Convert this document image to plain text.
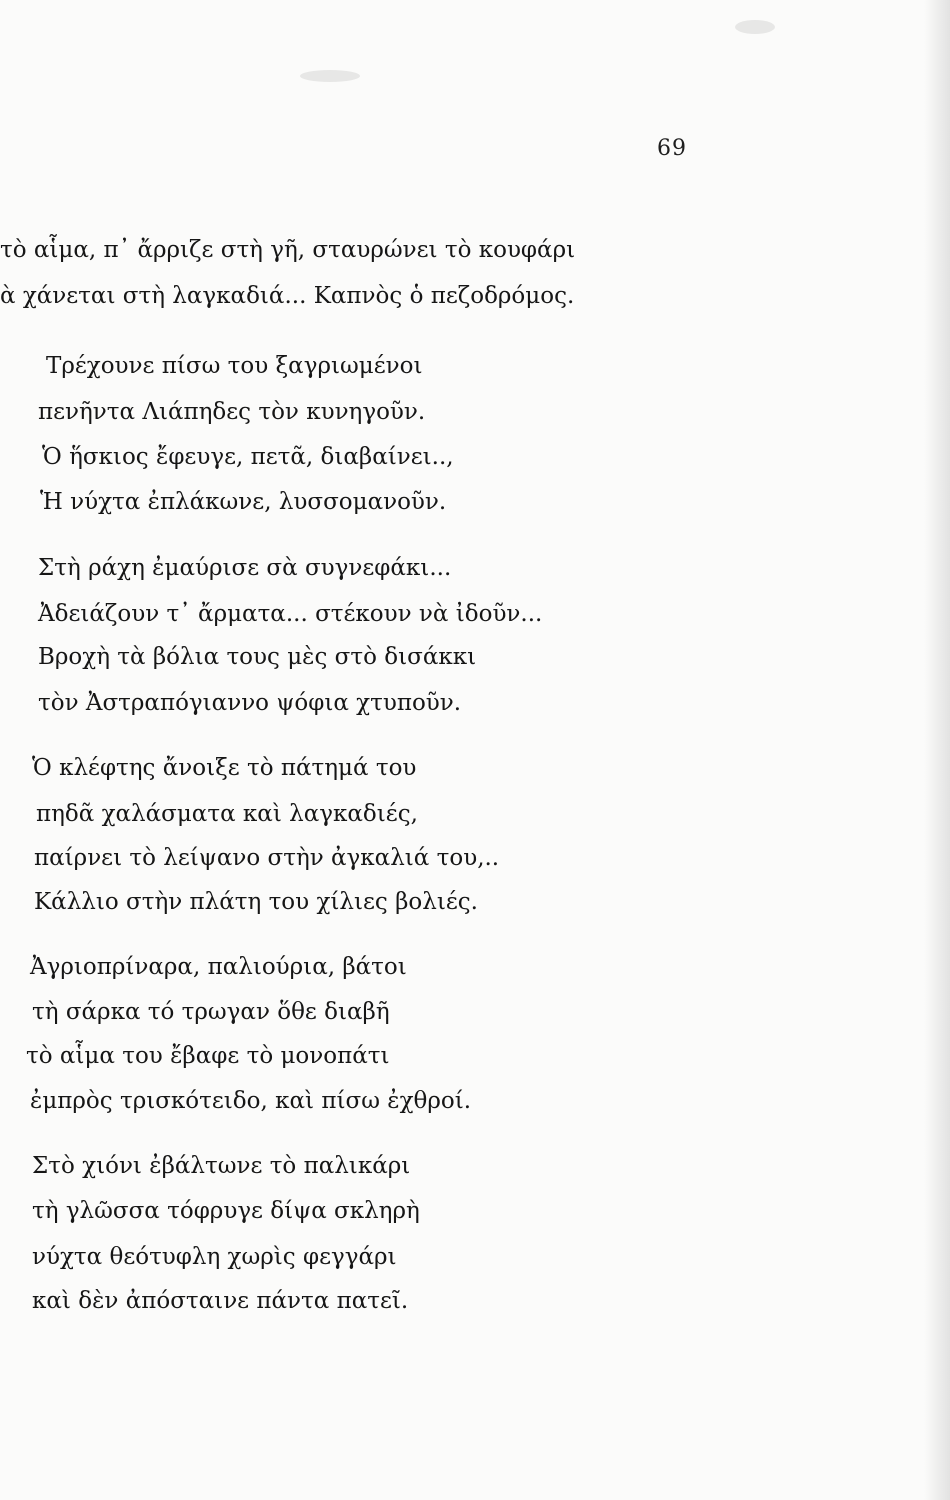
69
τὸ αἷμα, π᾽ ἄρριζε στὴ γῆ, σταυρώνει τὸ κουφάρι
ὰ χάνεται στὴ λαγκαδιά... Καπνὸς ὁ πεζοδρόμος.
Τρέχουνε πίσω του ξαγριωμένοι
πενῆντα Λιάπηδες τὸν κυνηγοῦν.
Ὁ ἥσκιος ἔφευγε, πετᾶ, διαβαίνει..,
Ἡ νύχτα ἐπλάκωνε, λυσσομανοῦν.
Στὴ ράχη ἐμαύρισε σὰ συγνεφάκι...
Ἀδειάζουν τ᾽ ἄρματα... στέκουν νὰ ἰδοῦν...
Βροχὴ τὰ βόλια τους μὲς στὸ δισάκκι
τὸν Ἀστραπόγιαννο ψόφια χτυποῦν.
Ὁ κλέφτης ἄνοιξε τὸ πάτημά του
πηδᾶ χαλάσματα καὶ λαγκαδιές,
παίρνει τὸ λείψανο στὴν ἀγκαλιά του,..
Κάλλιο στὴν πλάτη του χίλιες βολιές.
Ἀγριοπρίναρα, παλιούρια, βάτοι
τὴ σάρκα τό τρωγαν ὅθε διαβῆ
τὸ αἷμα του ἔβαφε τὸ μονοπάτι
ἐμπρὸς τρισκότειδο, καὶ πίσω ἐχθροί.
Στὸ χιόνι ἐβάλτωνε τὸ παλικάρι
τὴ γλῶσσα τόφρυγε δίψα σκληρὴ
νύχτα θεότυφλη χωρὶς φεγγάρι
καὶ δὲν ἀπόσταινε πάντα πατεῖ.
